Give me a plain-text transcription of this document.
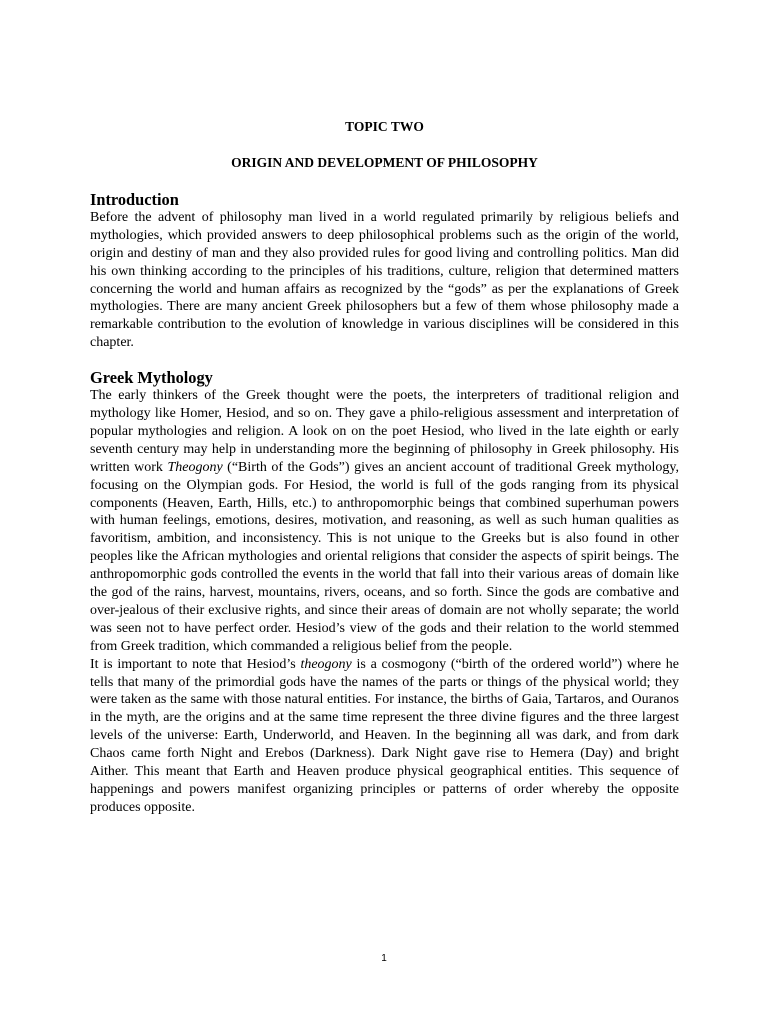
TOPIC TWO
ORIGIN AND DEVELOPMENT OF PHILOSOPHY
Introduction

Before the advent of philosophy man lived in a world regulated primarily by religious beliefs and mythologies, which provided answers to deep philosophical problems such as the origin of the world, origin and destiny of man and they also provided rules for good living and controlling politics. Man did his own thinking according to the principles of his traditions, culture, religion that determined matters concerning the world and human affairs as recognized by the “gods” as per the explanations of Greek mythologies. There are many ancient Greek philosophers but a few of them whose philosophy made a remarkable contribution to the evolution of knowledge in various disciplines will be considered in this chapter.

Greek Mythology

The early thinkers of the Greek thought were the poets, the interpreters of traditional religion and mythology like Homer, Hesiod, and so on. They gave a philo-religious assessment and interpretation of popular mythologies and religion. A look on on the poet Hesiod, who lived in the late eighth or early seventh century may help in understanding more the beginning of philosophy in Greek philosophy. His written work Theogony (“Birth of the Gods”) gives an ancient account of traditional Greek mythology, focusing on the Olympian gods. For Hesiod, the world is full of the gods ranging from its physical components (Heaven, Earth, Hills, etc.) to anthropomorphic beings that combined superhuman powers with human feelings, emotions, desires, motivation, and reasoning, as well as such human qualities as favoritism, ambition, and inconsistency. This is not unique to the Greeks but is also found in other peoples like the African mythologies and oriental religions that consider the aspects of spirit beings. The anthropomorphic gods controlled the events in the world that fall into their various areas of domain like the god of the rains, harvest, mountains, rivers, oceans, and so forth. Since the gods are combative and over-jealous of their exclusive rights, and since their areas of domain are not wholly separate; the world was seen not to have perfect order. Hesiod’s view of the gods and their relation to the world stemmed from Greek tradition, which commanded a religious belief from the people.

It is important to note that Hesiod’s theogony is a cosmogony (“birth of the ordered world”) where he tells that many of the primordial gods have the names of the parts or things of the physical world; they were taken as the same with those natural entities. For instance, the births of Gaia, Tartaros, and Ouranos in the myth, are the origins and at the same time represent the three divine figures and the three largest levels of the universe: Earth, Underworld, and Heaven. In the beginning all was dark, and from dark Chaos came forth Night and Erebos (Darkness). Dark Night gave rise to Hemera (Day) and bright Aither. This meant that Earth and Heaven produce physical geographical entities. This sequence of happenings and powers manifest organizing principles or patterns of order whereby the opposite produces opposite.

1
